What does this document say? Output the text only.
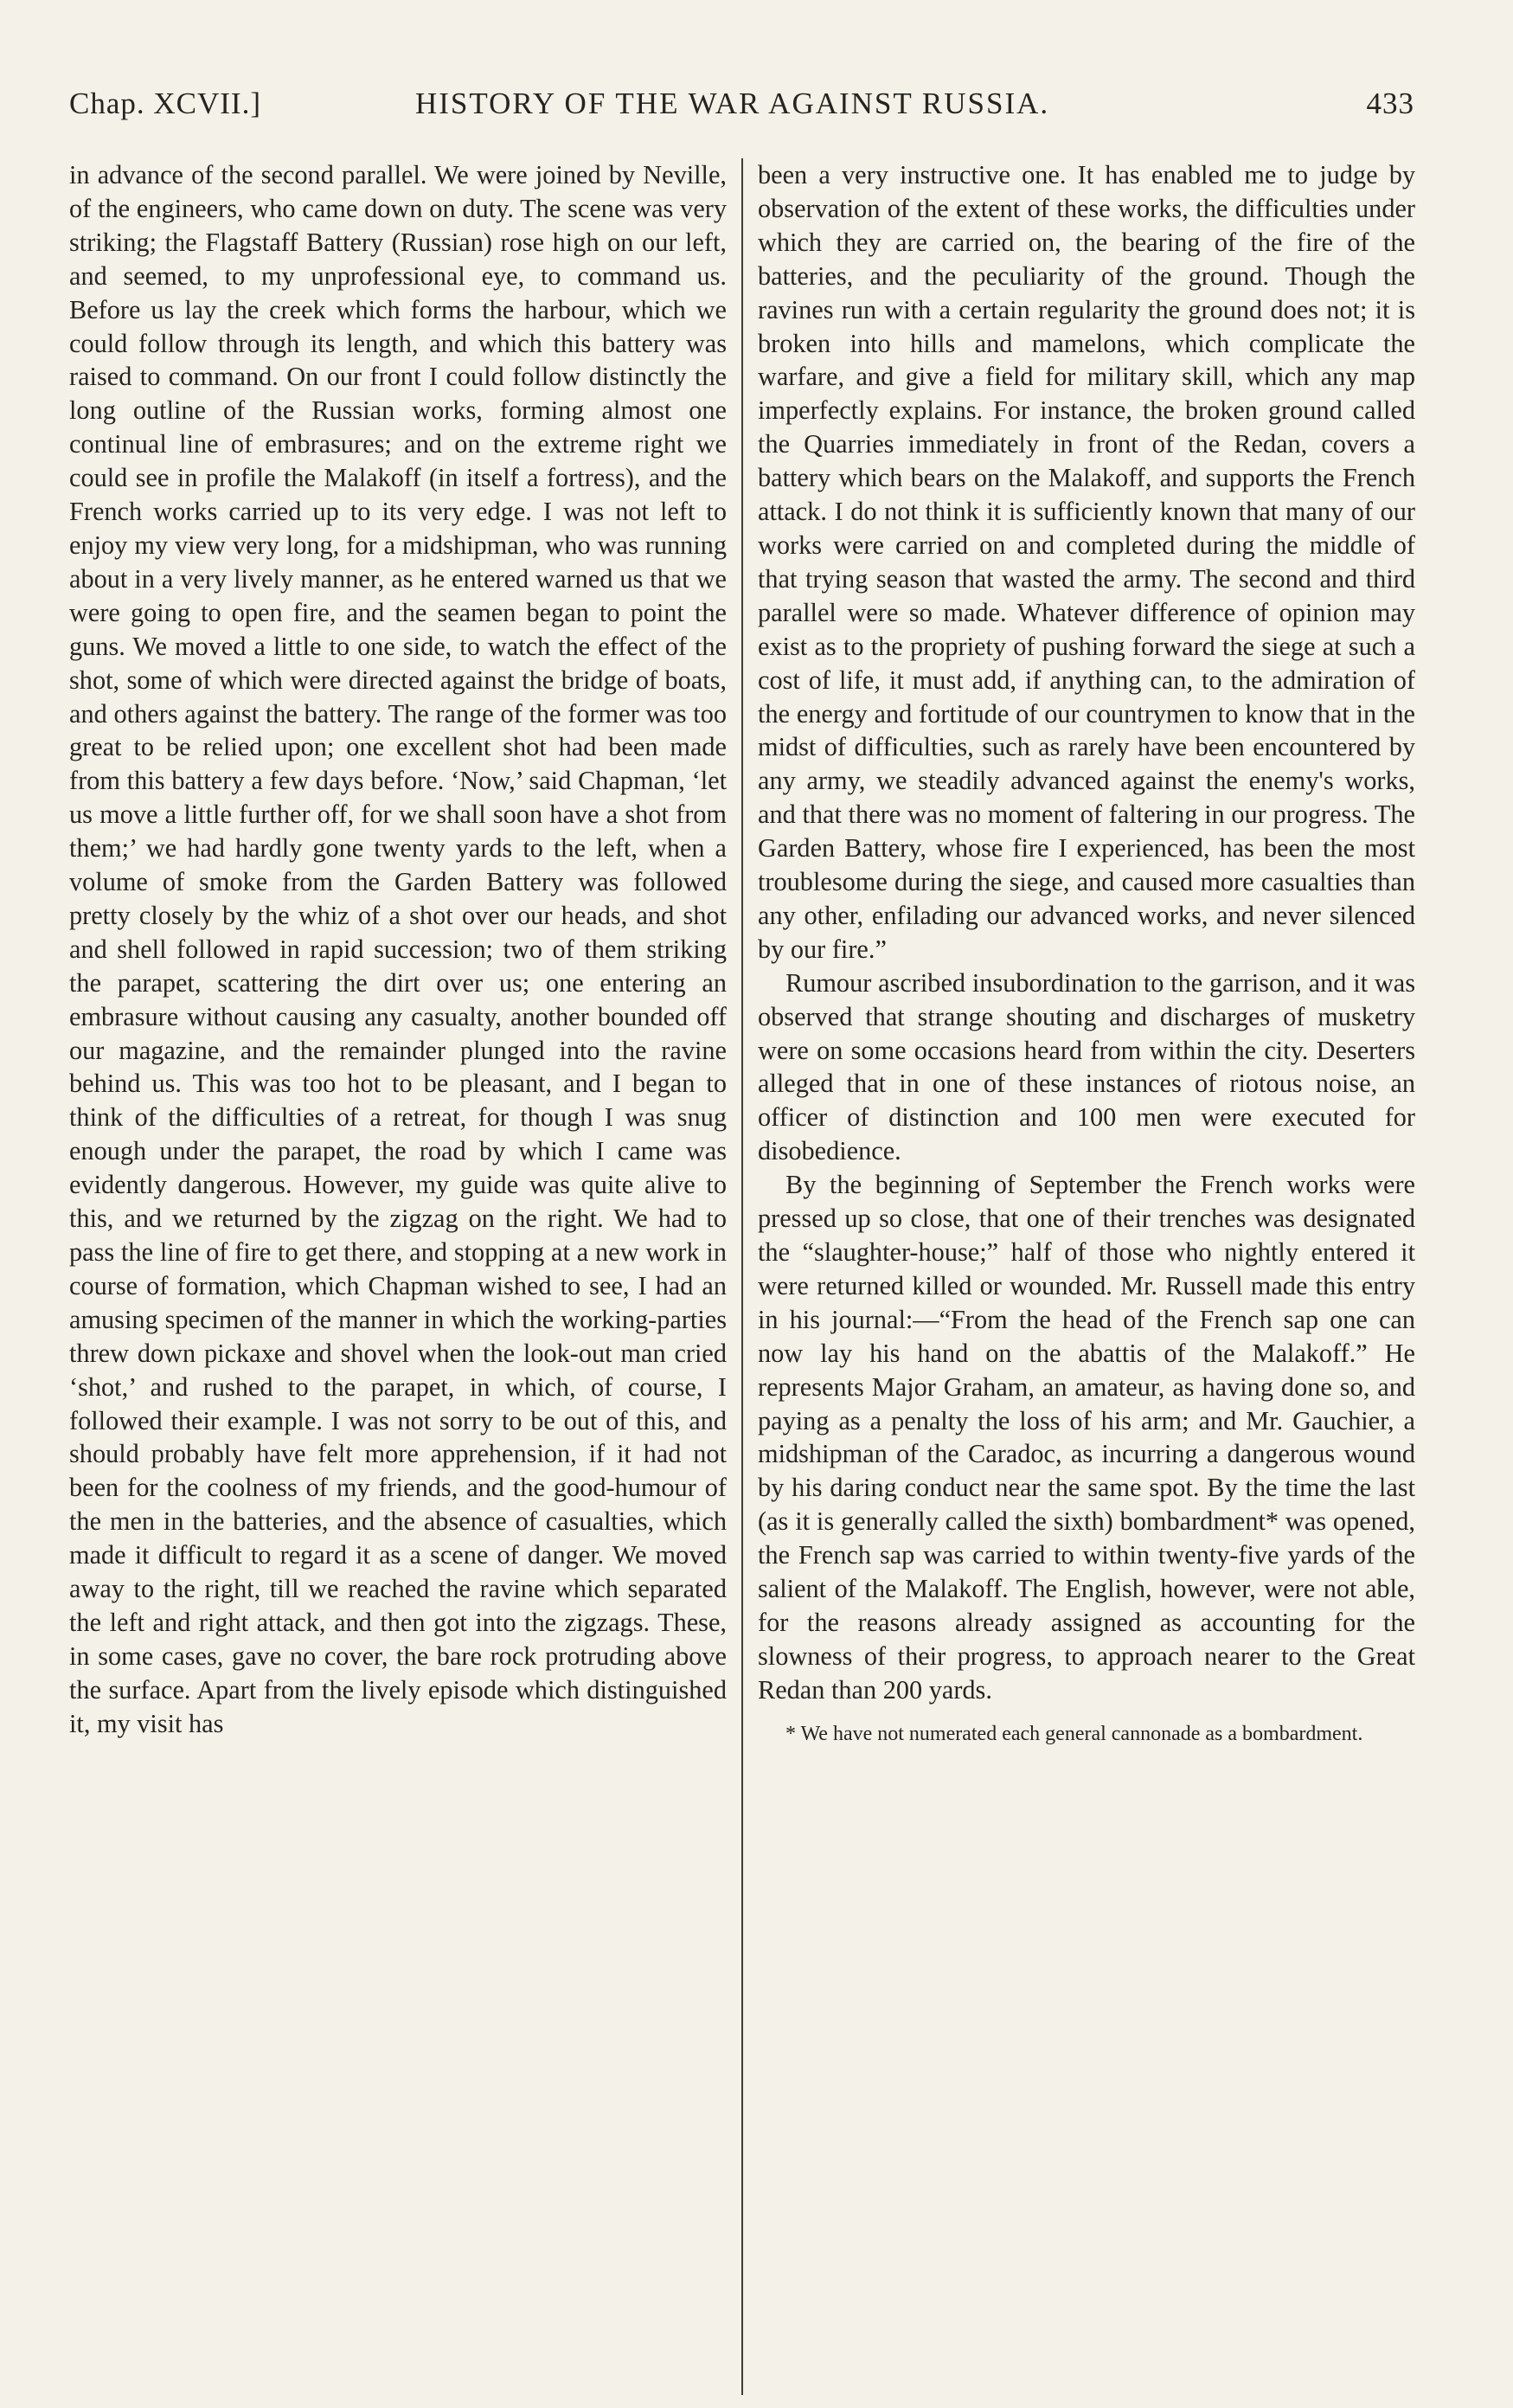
Chap. XCVII.]	HISTORY OF THE WAR AGAINST RUSSIA.	433

in advance of the second parallel. We were joined by Neville, of the engineers, who came down on duty. The scene was very striking; the Flagstaff Battery (Russian) rose high on our left, and seemed, to my unprofessional eye, to command us. Before us lay the creek which forms the harbour, which we could follow through its length, and which this battery was raised to command. On our front I could follow distinctly the long outline of the Russian works, forming almost one continual line of embrasures; and on the extreme right we could see in profile the Malakoff (in itself a fortress), and the French works carried up to its very edge. I was not left to enjoy my view very long, for a midshipman, who was running about in a very lively manner, as he entered warned us that we were going to open fire, and the seamen began to point the guns. We moved a little to one side, to watch the effect of the shot, some of which were directed against the bridge of boats, and others against the battery. The range of the former was too great to be relied upon; one excellent shot had been made from this battery a few days before. ‘Now,’ said Chapman, ‘let us move a little further off, for we shall soon have a shot from them;’ we had hardly gone twenty yards to the left, when a volume of smoke from the Garden Battery was followed pretty closely by the whiz of a shot over our heads, and shot and shell followed in rapid succession; two of them striking the parapet, scattering the dirt over us; one entering an embrasure without causing any casualty, another bounded off our magazine, and the remainder plunged into the ravine behind us. This was too hot to be pleasant, and I began to think of the difficulties of a retreat, for though I was snug enough under the parapet, the road by which I came was evidently dangerous. However, my guide was quite alive to this, and we returned by the zigzag on the right. We had to pass the line of fire to get there, and stopping at a new work in course of formation, which Chapman wished to see, I had an amusing specimen of the manner in which the working-parties threw down pickaxe and shovel when the look-out man cried ‘shot,’ and rushed to the parapet, in which, of course, I followed their example. I was not sorry to be out of this, and should probably have felt more apprehension, if it had not been for the coolness of my friends, and the good-humour of the men in the batteries, and the absence of casualties, which made it difficult to regard it as a scene of danger. We moved away to the right, till we reached the ravine which separated the left and right attack, and then got into the zigzags. These, in some cases, gave no cover, the bare rock protruding above the surface. Apart from the lively episode which distinguished it, my visit has

been a very instructive one. It has enabled me to judge by observation of the extent of these works, the difficulties under which they are carried on, the bearing of the fire of the batteries, and the peculiarity of the ground. Though the ravines run with a certain regularity the ground does not; it is broken into hills and mamelons, which complicate the warfare, and give a field for military skill, which any map imperfectly explains. For instance, the broken ground called the Quarries immediately in front of the Redan, covers a battery which bears on the Malakoff, and supports the French attack. I do not think it is sufficiently known that many of our works were carried on and completed during the middle of that trying season that wasted the army. The second and third parallel were so made. Whatever difference of opinion may exist as to the propriety of pushing forward the siege at such a cost of life, it must add, if anything can, to the admiration of the energy and fortitude of our countrymen to know that in the midst of difficulties, such as rarely have been encountered by any army, we steadily advanced against the enemy's works, and that there was no moment of faltering in our progress. The Garden Battery, whose fire I experienced, has been the most troublesome during the siege, and caused more casualties than any other, enfilading our advanced works, and never silenced by our fire.”

Rumour ascribed insubordination to the garrison, and it was observed that strange shouting and discharges of musketry were on some occasions heard from within the city. Deserters alleged that in one of these instances of riotous noise, an officer of distinction and 100 men were executed for disobedience.

By the beginning of September the French works were pressed up so close, that one of their trenches was designated the “slaughter-house;” half of those who nightly entered it were returned killed or wounded. Mr. Russell made this entry in his journal:—“From the head of the French sap one can now lay his hand on the abattis of the Malakoff.” He represents Major Graham, an amateur, as having done so, and paying as a penalty the loss of his arm; and Mr. Gauchier, a midshipman of the Caradoc, as incurring a dangerous wound by his daring conduct near the same spot. By the time the last (as it is generally called the sixth) bombardment* was opened, the French sap was carried to within twenty-five yards of the salient of the Malakoff. The English, however, were not able, for the reasons already assigned as accounting for the slowness of their progress, to approach nearer to the Great Redan than 200 yards.

* We have not numerated each general cannonade as a bombardment.
